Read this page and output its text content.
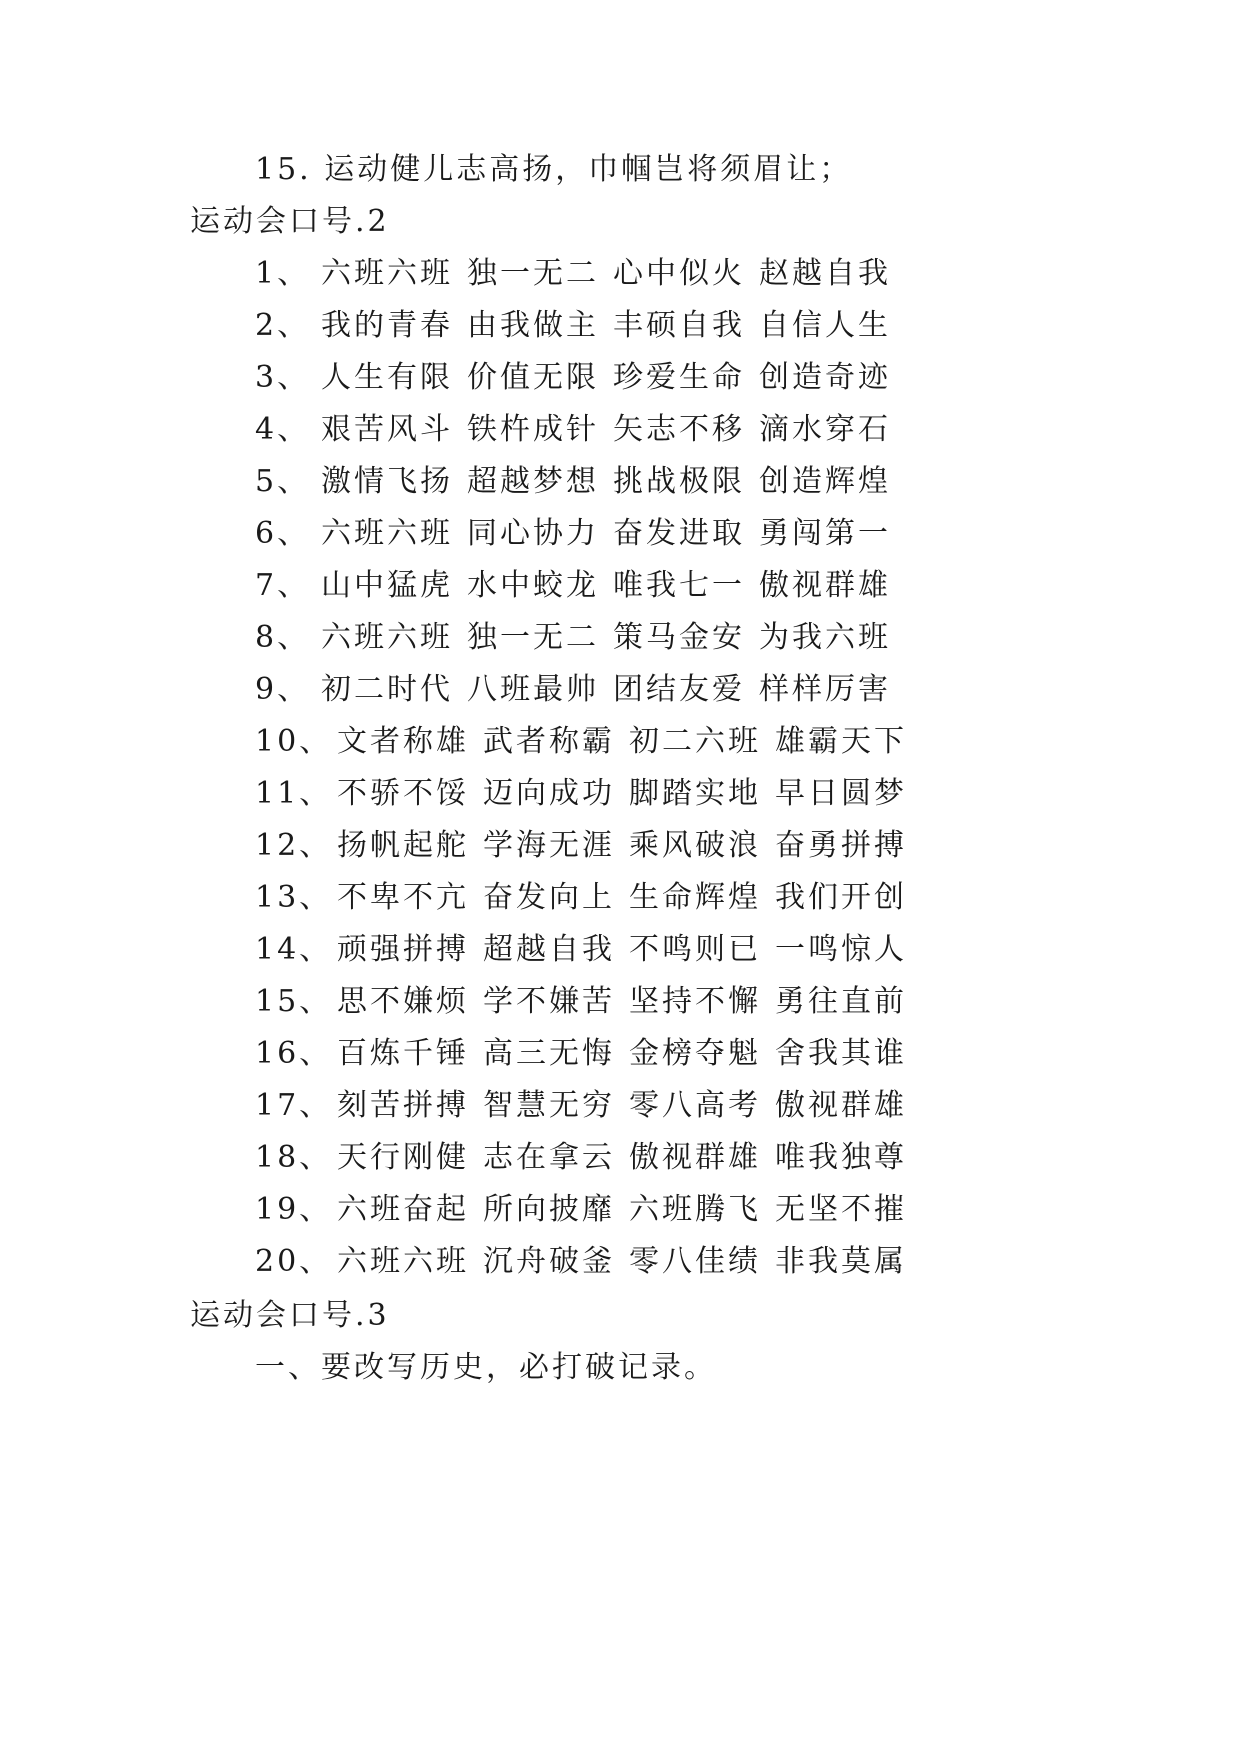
15. 运动健儿志高扬，巾帼岂将须眉让；
运动会口号.2
1、 六班六班 独一无二 心中似火 赵越自我
2、 我的青春 由我做主 丰硕自我 自信人生
3、 人生有限 价值无限 珍爱生命 创造奇迹
4、 艰苦风斗 铁杵成针 矢志不移 滴水穿石
5、 激情飞扬 超越梦想 挑战极限 创造辉煌
6、 六班六班 同心协力 奋发进取 勇闯第一
7、 山中猛虎 水中蛟龙 唯我七一 傲视群雄
8、 六班六班 独一无二 策马金安 为我六班
9、 初二时代 八班最帅 团结友爱 样样厉害
10、 文者称雄 武者称霸 初二六班 雄霸天下
11、 不骄不馁 迈向成功 脚踏实地 早日圆梦
12、 扬帆起舵 学海无涯 乘风破浪 奋勇拼搏
13、 不卑不亢 奋发向上 生命辉煌 我们开创
14、 顽强拼搏 超越自我 不鸣则已 一鸣惊人
15、 思不嫌烦 学不嫌苦 坚持不懈 勇往直前
16、 百炼千锤 高三无悔 金榜夺魁 舍我其谁
17、 刻苦拼搏 智慧无穷 零八高考 傲视群雄
18、 天行刚健 志在拿云 傲视群雄 唯我独尊
19、 六班奋起 所向披靡 六班腾飞 无坚不摧
20、 六班六班 沉舟破釜 零八佳绩 非我莫属
运动会口号.3
一、要改写历史，必打破记录。
